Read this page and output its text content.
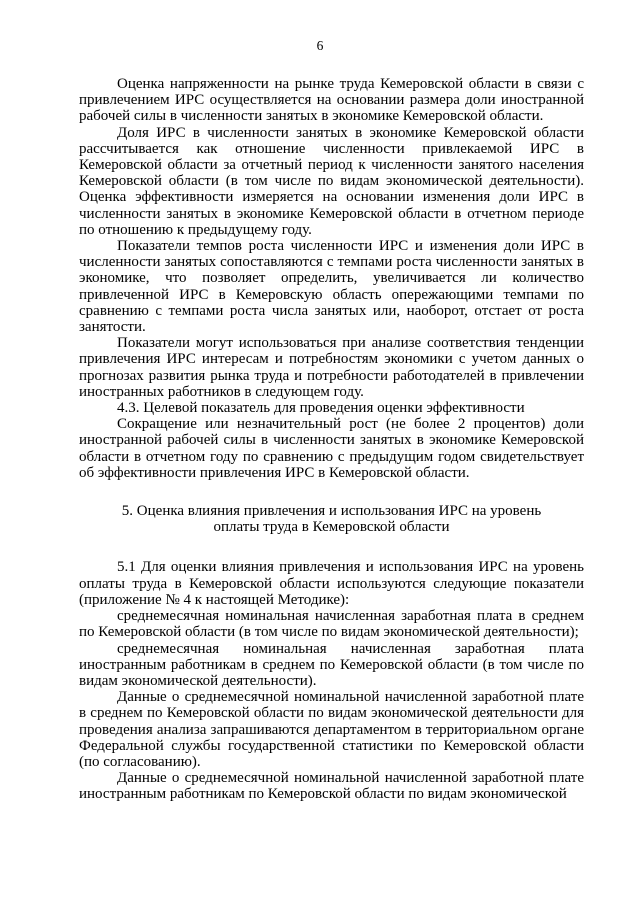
6

Оценка напряженности на рынке труда Кемеровской области в связи с привлечением ИРС осуществляется на основании размера доли иностранной рабочей силы в численности занятых в экономике Кемеровской области.

Доля ИРС в численности занятых в экономике Кемеровской области рассчитывается как отношение численности привлекаемой ИРС в Кемеровской области за отчетный период к численности занятого населения Кемеровской области (в том числе по видам экономической деятельности). Оценка эффективности измеряется на основании изменения доли ИРС в численности занятых в экономике Кемеровской области в отчетном периоде по отношению к предыдущему году.

Показатели темпов роста численности ИРС и изменения доли ИРС в численности занятых сопоставляются с темпами роста численности занятых в экономике, что позволяет определить, увеличивается ли количество привлеченной ИРС в Кемеровскую область опережающими темпами по сравнению с темпами роста числа занятых или, наоборот, отстает от роста занятости.

Показатели могут использоваться при анализе соответствия тенденции привлечения ИРС интересам и потребностям экономики с учетом данных о прогнозах развития рынка труда и потребности работодателей в привлечении иностранных работников в следующем году.

4.3. Целевой показатель для проведения оценки эффективности

Сокращение или незначительный рост (не более 2 процентов) доли иностранной рабочей силы в численности занятых в экономике Кемеровской области в отчетном году по сравнению с предыдущим годом свидетельствует об эффективности привлечения ИРС в Кемеровской области.

5. Оценка влияния привлечения и использования ИРС на уровень

оплаты труда в Кемеровской области

5.1 Для оценки влияния привлечения и использования ИРС на уровень оплаты труда в Кемеровской области используются следующие показатели (приложение № 4 к настоящей Методике):

среднемесячная номинальная начисленная заработная плата в среднем по Кемеровской области (в том числе по видам экономической деятельности);

среднемесячная номинальная начисленная заработная плата иностранным работникам в среднем по Кемеровской области (в том числе по видам экономической деятельности).

Данные о среднемесячной номинальной начисленной заработной плате в среднем по Кемеровской области по видам экономической деятельности для проведения анализа запрашиваются департаментом в территориальном органе Федеральной службы государственной статистики по Кемеровской области (по согласованию).

Данные о среднемесячной номинальной начисленной заработной плате иностранным работникам по Кемеровской области по видам экономической
